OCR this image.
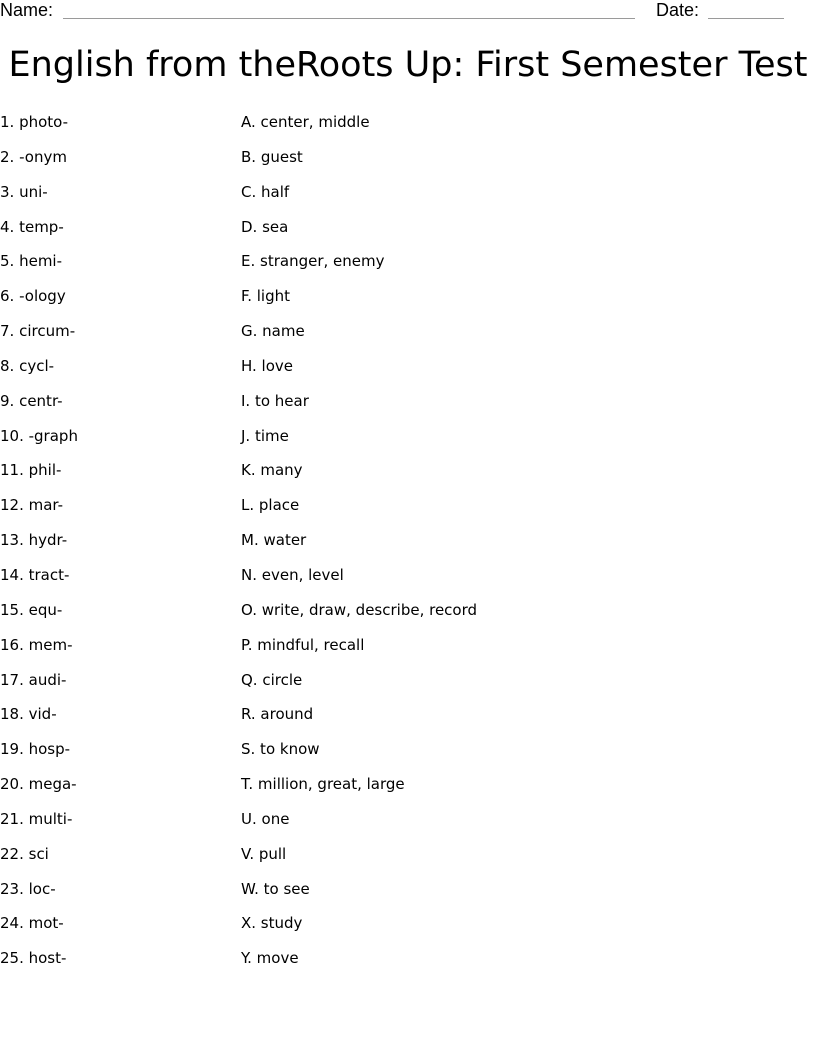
Name:	Date:
English from theRoots Up: First Semester Test
1. photo-	A. center, middle
2. -onym	B. guest
3. uni-	C. half
4. temp-	D. sea
5. hemi-	E. stranger, enemy
6. -ology	F. light
7. circum-	G. name
8. cycl-	H. love
9. centr-	I. to hear
10. -graph	J. time
11. phil-	K. many
12. mar-	L. place
13. hydr-	M. water
14. tract-	N. even, level
15. equ-	O. write, draw, describe, record
16. mem-	P. mindful, recall
17. audi-	Q. circle
18. vid-	R. around
19. hosp-	S. to know
20. mega-	T. million, great, large
21. multi-	U. one
22. sci	V. pull
23. loc-	W. to see
24. mot-	X. study
25. host-	Y. move
